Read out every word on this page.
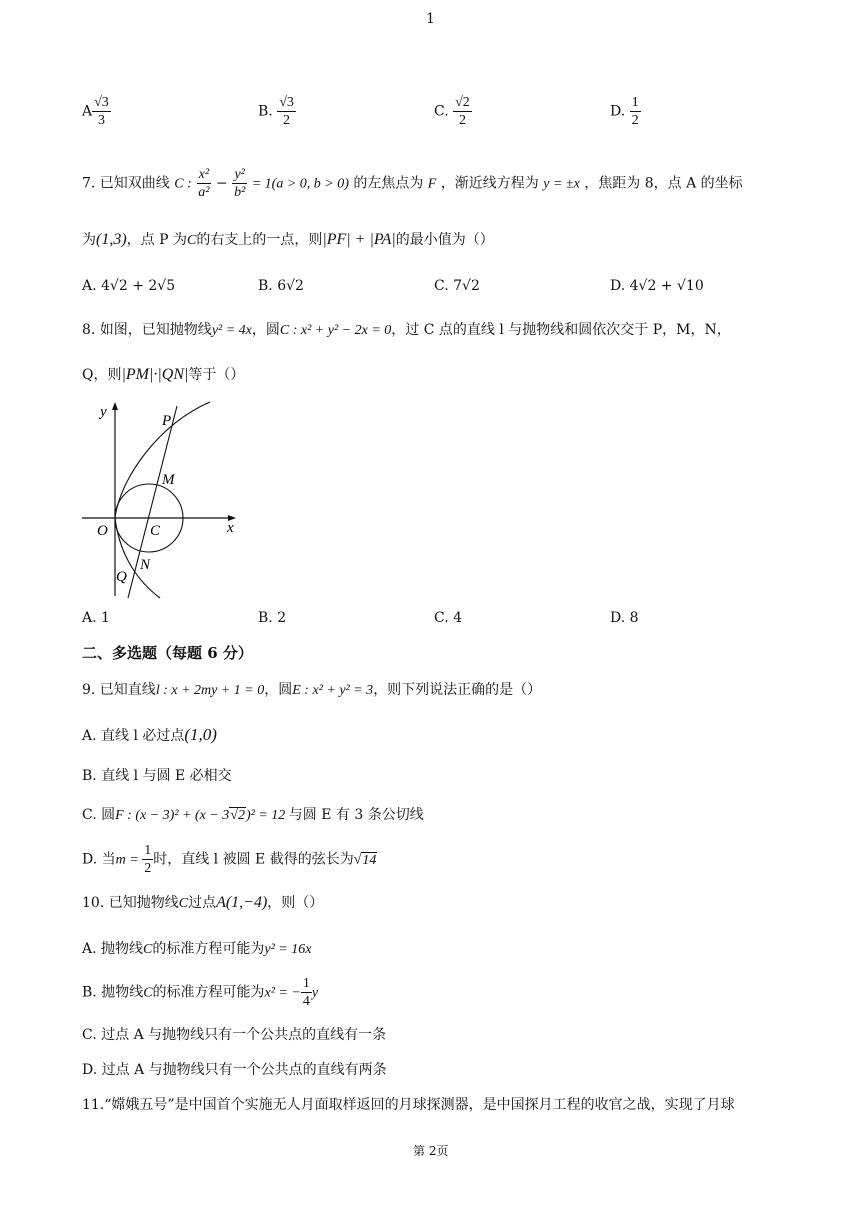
1
A $\frac{√3}{3}$	B. $\frac{√3}{2}$	C. $\frac{√2}{2}$	D. $\frac{1}{2}$
7. 已知双曲线 C : $\frac{\text{x²}}{\text{a²}} - \frac{\text{y²}}{\text{b²}} = 1(a > 0$, b > 0) 的左焦点为 F ，渐近线方程为 y = ±x ，焦距为 8，点 A 的坐标
为(1,3)，点 P 为C的右支上的一点，则|PF| + |PA|的最小值为（）
A. 4√2 + 2√5	B. 6√2	C. 7√2	D. 4√2 + √10
8. 如图，已知抛物线y² = 4x，圆C : x² + y² − 2x = 0，过 C 点的直线 l 与抛物线和圆依次交于 P，M，N，
Q，则|PM|·|QN|等于（）
y
x
O	C
P
M
N
Q
A. 1	B. 2	C. 4	D. 8
二、多选题（每题 6 分）
9. 已知直线l : x + 2my + 1 = 0，圆E : x² + y² = 3，则下列说法正确的是（）
A. 直线 l 必过点(1,0)
B. 直线 l 与圆 E 必相交
C. 圆F : (x − 3)² + (x − 3√2)² = 12 与圆 E 有 3 条公切线
D. 当$m = \frac{1}{2}$ 时，直线 l 被圆 E 截得的弦长为√14
10. 已知抛物线C过点A(1,−4)，则（）
A. 抛物线C的标准方程可能为y² = 16x
B. 拋物线C的标准方程可能为x² = − $\frac{1}{4}$ y
C. 过点 A 与抛物线只有一个公共点的直线有一条
D. 过点 A 与抛物线只有一个公共点的直线有两条
11.“嫦娥五号”是中国首个实施无人月面取样返回的月球探测器，是中国探月工程的收官之战，实现了月球
第 2页
